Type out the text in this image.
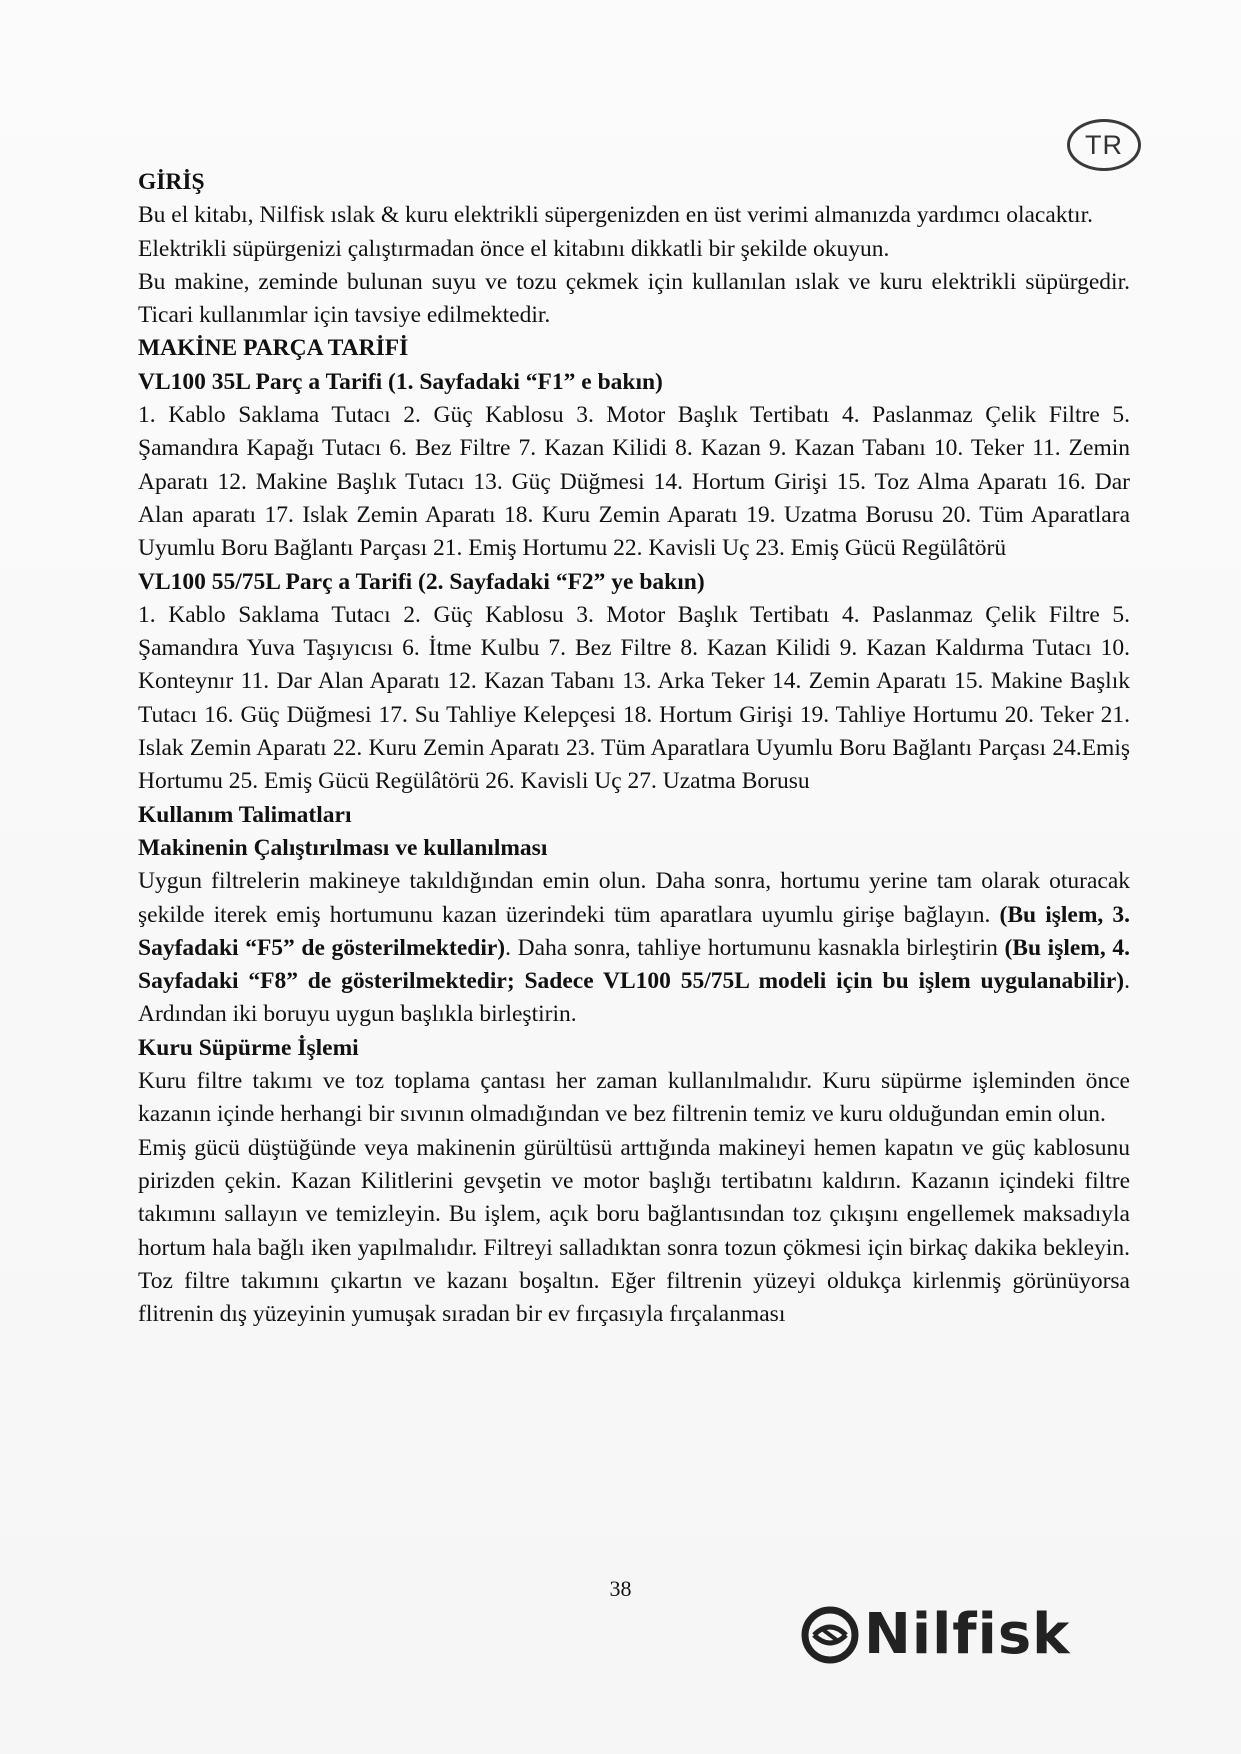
TR
GİRİŞ

Bu el kitabı, Nilfisk ıslak & kuru elektrikli süpergenizden en üst verimi almanızda yardımcı olacaktır.

Elektrikli süpürgenizi çalıştırmadan önce el kitabını dikkatli bir şekilde okuyun.

Bu makine, zeminde bulunan suyu ve tozu çekmek için kullanılan ıslak ve kuru elektrikli süpürgedir. Ticari kullanımlar için tavsiye edilmektedir.

MAKİNE PARÇA TARİFİ
VL100 35L Parç a Tarifi (1. Sayfadaki “F1” e bakın)

1. Kablo Saklama Tutacı 2. Güç Kablosu 3. Motor Başlık Tertibatı 4. Paslanmaz Çelik Filtre 5. Şamandıra Kapağı Tutacı 6. Bez Filtre 7. Kazan Kilidi 8. Kazan 9. Kazan Tabanı 10. Teker 11. Zemin Aparatı 12. Makine Başlık Tutacı 13. Güç Düğmesi 14. Hortum Girişi 15. Toz Alma Aparatı 16. Dar Alan aparatı 17. Islak Zemin Aparatı 18. Kuru Zemin Aparatı 19. Uzatma Borusu 20. Tüm Aparatlara Uyumlu Boru Bağlantı Parçası 21. Emiş Hortumu 22. Kavisli Uç 23. Emiş Gücü Regülâtörü

VL100 55/75L Parç a Tarifi (2. Sayfadaki “F2” ye bakın)

1. Kablo Saklama Tutacı 2. Güç Kablosu 3. Motor Başlık Tertibatı 4. Paslanmaz Çelik Filtre 5. Şamandıra Yuva Taşıyıcısı 6. İtme Kulbu 7. Bez Filtre 8. Kazan Kilidi 9. Kazan Kaldırma Tutacı 10. Konteynır 11. Dar Alan Aparatı 12. Kazan Tabanı 13. Arka Teker 14. Zemin Aparatı 15. Makine Başlık Tutacı 16. Güç Düğmesi 17. Su Tahliye Kelepçesi 18. Hortum Girişi 19. Tahliye Hortumu 20. Teker 21. Islak Zemin Aparatı 22. Kuru Zemin Aparatı 23. Tüm Aparatlara Uyumlu Boru Bağlantı Parçası 24.Emiş Hortumu 25. Emiş Gücü Regülâtörü 26. Kavisli Uç 27. Uzatma Borusu

Kullanım Talimatları
Makinenin Çalıştırılması ve kullanılması

Uygun filtrelerin makineye takıldığından emin olun. Daha sonra, hortumu yerine tam olarak oturacak şekilde iterek emiş hortumunu kazan üzerindeki tüm aparatlara uyumlu girişe bağlayın. (Bu işlem, 3. Sayfadaki “F5” de gösterilmektedir). Daha sonra, tahliye hortumunu kasnakla birleştirin (Bu işlem, 4. Sayfadaki “F8” de gösterilmektedir; Sadece VL100 55/75L modeli için bu işlem uygulanabilir). Ardından iki boruyu uygun başlıkla birleştirin.

Kuru Süpürme İşlemi

Kuru filtre takımı ve toz toplama çantası her zaman kullanılmalıdır. Kuru süpürme işleminden önce kazanın içinde herhangi bir sıvının olmadığından ve bez filtrenin temiz ve kuru olduğundan emin olun.

Emiş gücü düştüğünde veya makinenin gürültüsü arttığında makineyi hemen kapatın ve güç kablosunu pirizden çekin. Kazan Kilitlerini gevşetin ve motor başlığı tertibatını kaldırın. Kazanın içindeki filtre takımını sallayın ve temizleyin. Bu işlem, açık boru bağlantısından toz çıkışını engellemek maksadıyla hortum hala bağlı iken yapılmalıdır. Filtreyi salladıktan sonra tozun çökmesi için birkaç dakika bekleyin. Toz filtre takımını çıkartın ve kazanı boşaltın. Eğer filtrenin yüzeyi oldukça kirlenmiş görünüyorsa flitrenin dış yüzeyinin yumuşak sıradan bir ev fırçasıyla fırçalanması

38
Nilfisk
